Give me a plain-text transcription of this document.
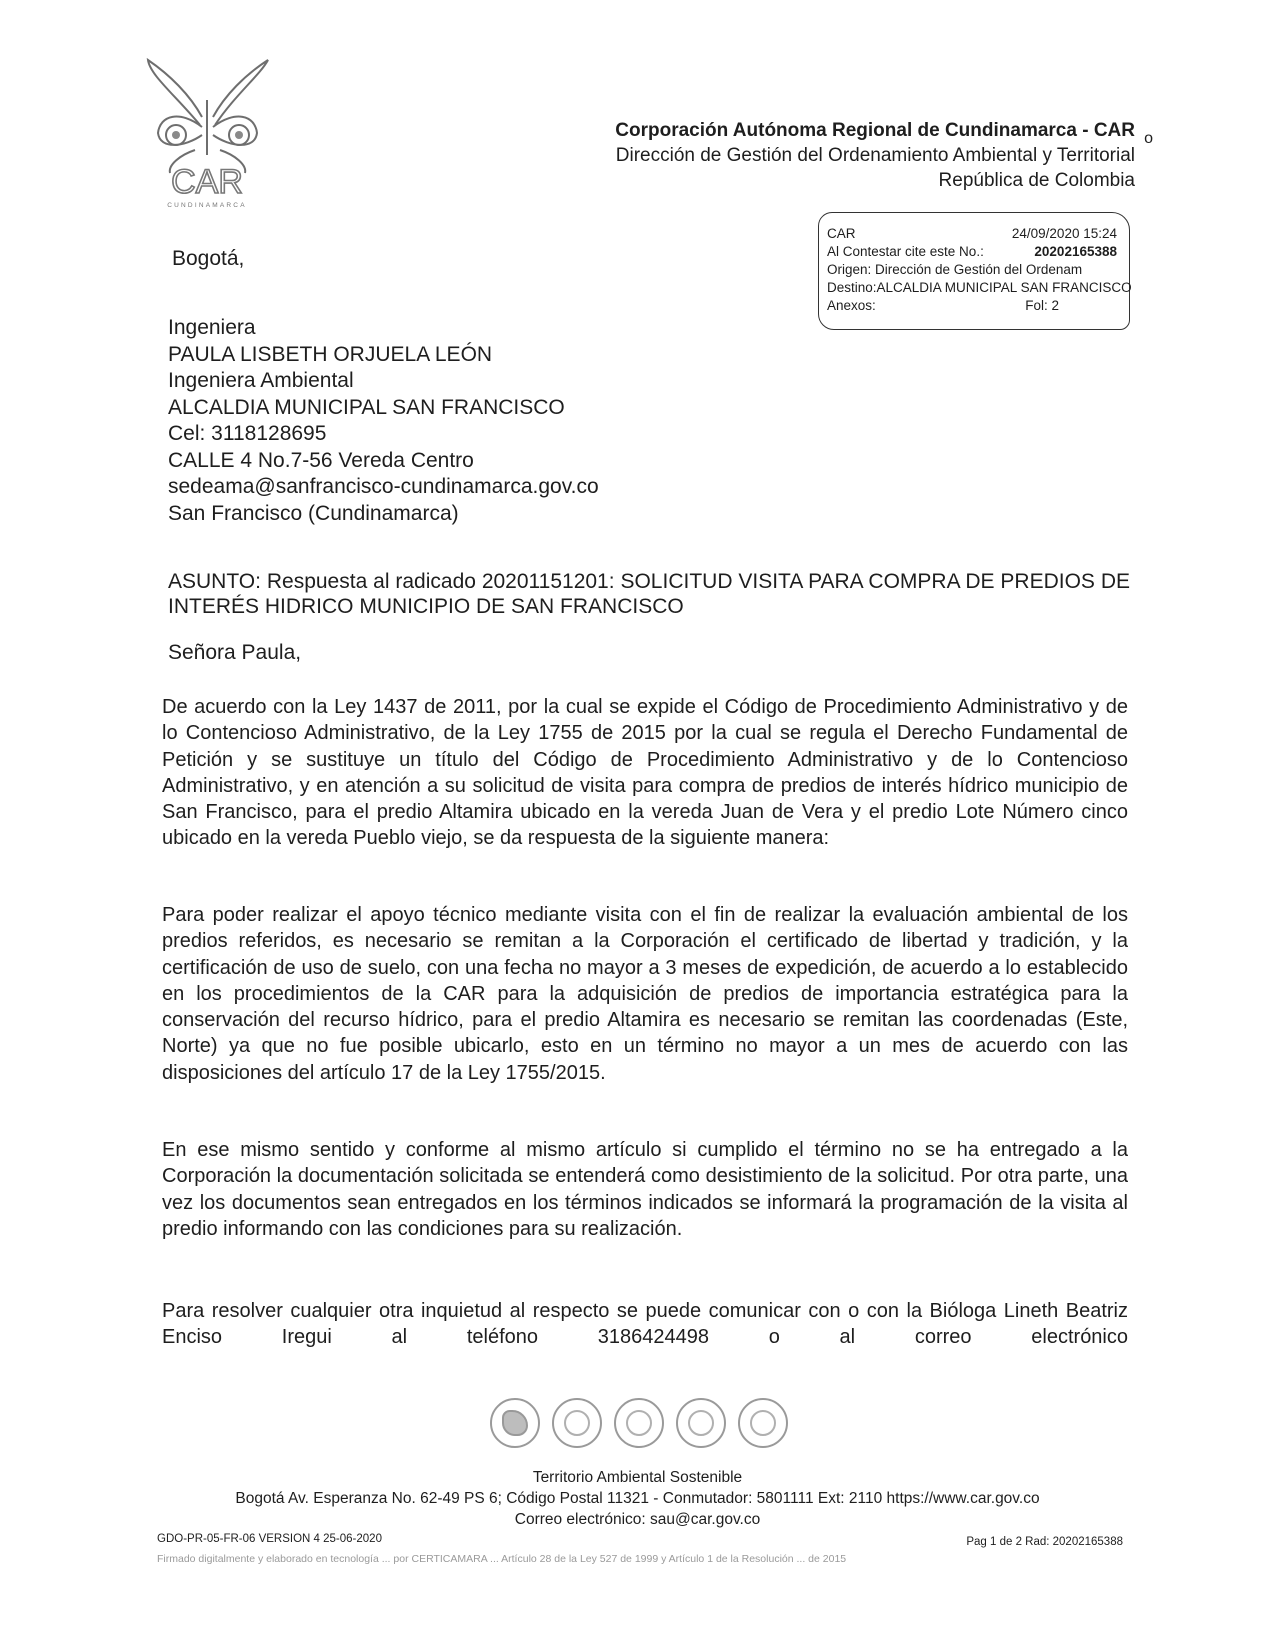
CAR
CUNDINAMARCA
Corporación Autónoma Regional de Cundinamarca - CAR
Dirección de Gestión del Ordenamiento Ambiental y Territorial
República de Colombia
o
CAR	24/09/2020 15:24
Al Contestar cite este No.:	20202165388
Origen: Dirección de Gestión del Ordenam
Destino:ALCALDIA MUNICIPAL SAN FRANCISCO
Anexos:	Fol: 2
Bogotá,
Ingeniera
PAULA LISBETH ORJUELA LEÓN
Ingeniera Ambiental
ALCALDIA MUNICIPAL SAN FRANCISCO
Cel: 3118128695
CALLE 4 No.7-56 Vereda Centro
sedeama@sanfrancisco-cundinamarca.gov.co
San Francisco (Cundinamarca)
ASUNTO: Respuesta al radicado 20201151201: SOLICITUD VISITA PARA COMPRA DE PREDIOS DE INTERÉS HIDRICO MUNICIPIO DE SAN FRANCISCO
Señora Paula,
De acuerdo con la Ley 1437 de 2011, por la cual se expide el Código de Procedimiento Administrativo y de lo Contencioso Administrativo, de la Ley 1755 de 2015 por la cual se regula el Derecho Fundamental de Petición y se sustituye un título del Código de Procedimiento Administrativo y de lo Contencioso Administrativo, y en atención a su solicitud de visita para compra de predios de interés hídrico municipio de San Francisco, para el predio Altamira ubicado en la vereda Juan de Vera y el predio Lote Número cinco ubicado en la vereda Pueblo viejo, se da respuesta de la siguiente manera:
Para poder realizar el apoyo técnico mediante visita con el fin de realizar la evaluación ambiental de los predios referidos, es necesario se remitan a la Corporación el certificado de libertad y tradición, y la certificación de uso de suelo, con una fecha no mayor a 3 meses de expedición, de acuerdo a lo establecido en los procedimientos de la CAR para la adquisición de predios de importancia estratégica para la conservación del recurso hídrico, para el predio Altamira es necesario se remitan las coordenadas (Este, Norte) ya que no fue posible ubicarlo, esto en un término no mayor a un mes de acuerdo con las disposiciones del artículo 17 de la Ley 1755/2015.
En ese mismo sentido y conforme al mismo artículo si cumplido el término no se ha entregado a la Corporación la documentación solicitada se entenderá como desistimiento de la solicitud. Por otra parte, una vez los documentos sean entregados en los términos indicados se informará la programación de la visita al predio informando con las condiciones para su realización.
Para resolver cualquier otra inquietud al respecto se puede comunicar con o con la Bióloga Lineth Beatriz Enciso Iregui al teléfono 3186424498 o al correo electrónico
Territorio Ambiental Sostenible
Bogotá Av. Esperanza No. 62-49 PS 6; Código Postal 11321 - Conmutador: 5801111 Ext: 2110 https://www.car.gov.co
Correo electrónico: sau@car.gov.co
GDO-PR-05-FR-06 VERSION 4 25-06-2020	Pag 1 de 2 Rad: 20202165388
Firmado digitalmente y elaborado en tecnología ... por CERTICAMARA ... Artículo 28 de la Ley 527 de 1999 y Artículo 1 de la Resolución ... de 2015
